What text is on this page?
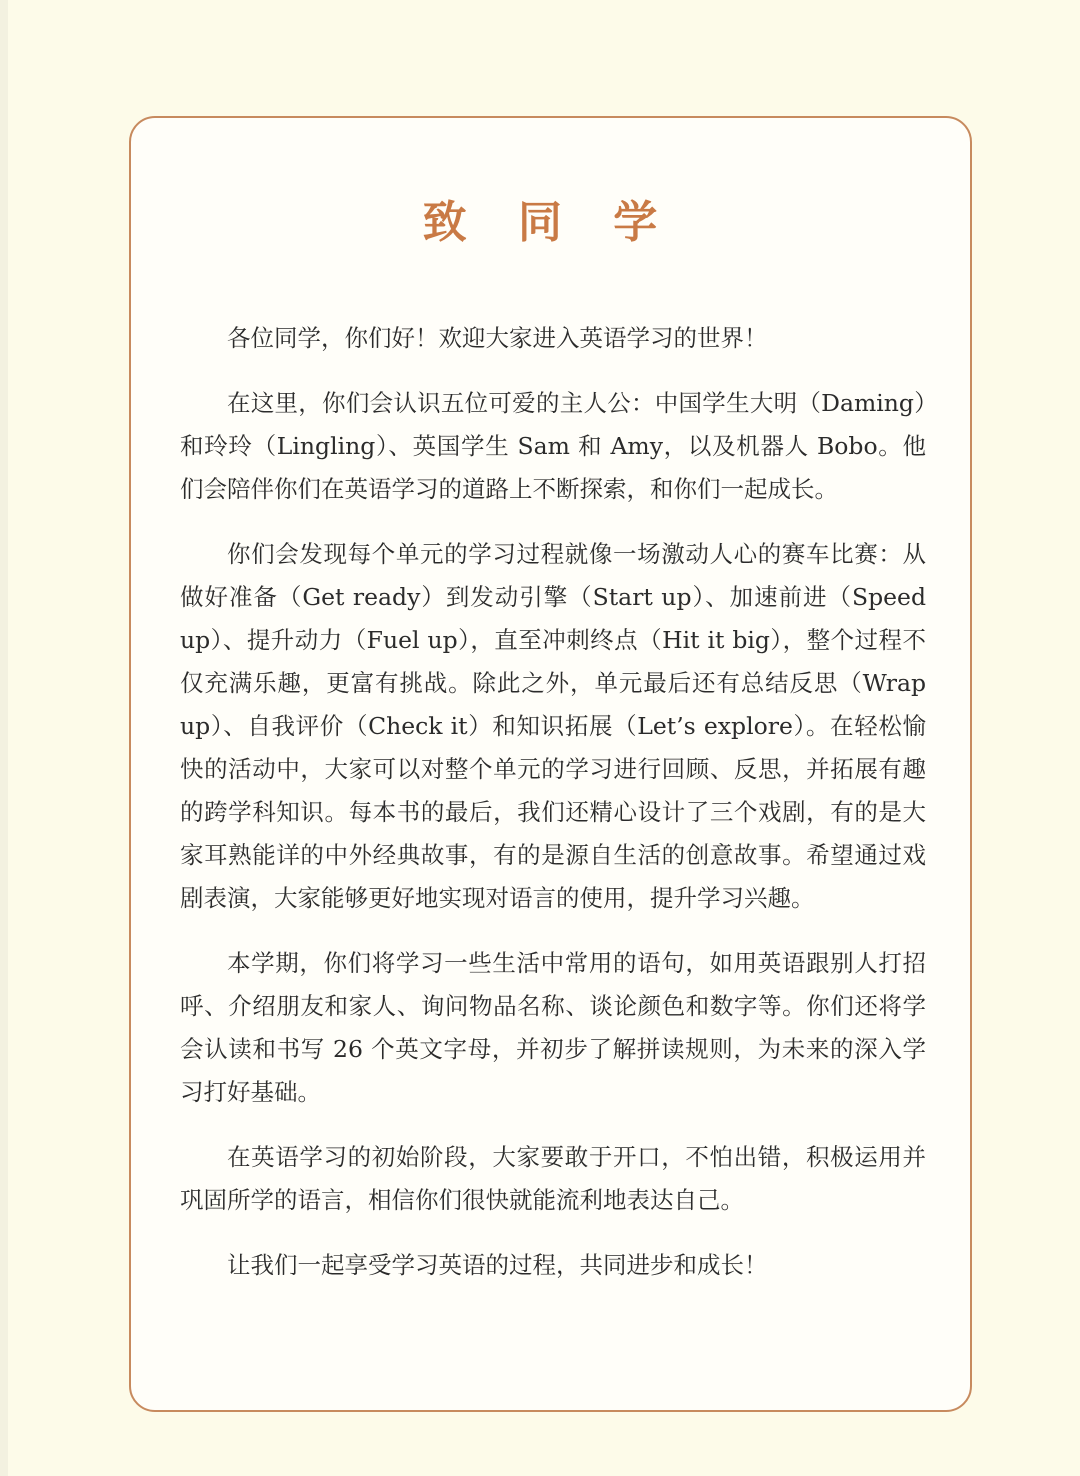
致 同 学

各位同学，你们好！欢迎大家进入英语学习的世界！

在这里，你们会认识五位可爱的主人公：中国学生大明（Daming）和玲玲（Lingling）、英国学生 Sam 和 Amy，以及机器人 Bobo。他们会陪伴你们在英语学习的道路上不断探索，和你们一起成长。

你们会发现每个单元的学习过程就像一场激动人心的赛车比赛：从做好准备（Get ready）到发动引擎（Start up）、加速前进（Speed up）、提升动力（Fuel up），直至冲刺终点（Hit it big），整个过程不仅充满乐趣，更富有挑战。除此之外，单元最后还有总结反思（Wrap up）、自我评价（Check it）和知识拓展（Let’s explore）。在轻松愉快的活动中，大家可以对整个单元的学习进行回顾、反思，并拓展有趣的跨学科知识。每本书的最后，我们还精心设计了三个戏剧，有的是大家耳熟能详的中外经典故事，有的是源自生活的创意故事。希望通过戏剧表演，大家能够更好地实现对语言的使用，提升学习兴趣。

本学期，你们将学习一些生活中常用的语句，如用英语跟别人打招呼、介绍朋友和家人、询问物品名称、谈论颜色和数字等。你们还将学会认读和书写 26 个英文字母，并初步了解拼读规则，为未来的深入学习打好基础。

在英语学习的初始阶段，大家要敢于开口，不怕出错，积极运用并巩固所学的语言，相信你们很快就能流利地表达自己。

让我们一起享受学习英语的过程，共同进步和成长！
